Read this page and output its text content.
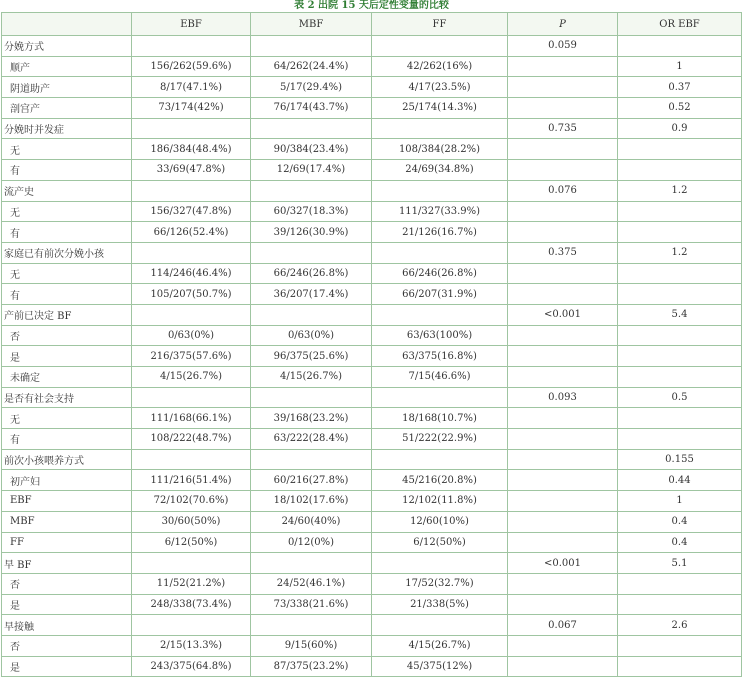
表 2 出院 15 天后定性变量的比较
	EBF	MBF	FF	P	OR EBF
分娩方式				0.059	
顺产	156/262(59.6%)	64/262(24.4%)	42/262(16%)		1
阴道助产	8/17(47.1%)	5/17(29.4%)	4/17(23.5%)		0.37
剖宫产	73/174(42%)	76/174(43.7%)	25/174(14.3%)		0.52
分娩时并发症				0.735	0.9
无	186/384(48.4%)	90/384(23.4%)	108/384(28.2%)		
有	33/69(47.8%)	12/69(17.4%)	24/69(34.8%)		
流产史				0.076	1.2
无	156/327(47.8%)	60/327(18.3%)	111/327(33.9%)		
有	66/126(52.4%)	39/126(30.9%)	21/126(16.7%)		
家庭已有前次分娩小孩				0.375	1.2
无	114/246(46.4%)	66/246(26.8%)	66/246(26.8%)		
有	105/207(50.7%)	36/207(17.4%)	66/207(31.9%)		
产前已决定 BF				<0.001	5.4
否	0/63(0%)	0/63(0%)	63/63(100%)		
是	216/375(57.6%)	96/375(25.6%)	63/375(16.8%)		
未确定	4/15(26.7%)	4/15(26.7%)	7/15(46.6%)		
是否有社会支持				0.093	0.5
无	111/168(66.1%)	39/168(23.2%)	18/168(10.7%)		
有	108/222(48.7%)	63/222(28.4%)	51/222(22.9%)		
前次小孩喂养方式					0.155
初产妇	111/216(51.4%)	60/216(27.8%)	45/216(20.8%)		0.44
EBF	72/102(70.6%)	18/102(17.6%)	12/102(11.8%)		1
MBF	30/60(50%)	24/60(40%)	12/60(10%)		0.4
FF	6/12(50%)	0/12(0%)	6/12(50%)		0.4
早 BF				<0.001	5.1
否	11/52(21.2%)	24/52(46.1%)	17/52(32.7%)		
是	248/338(73.4%)	73/338(21.6%)	21/338(5%)		
早接触				0.067	2.6
否	2/15(13.3%)	9/15(60%)	4/15(26.7%)		
是	243/375(64.8%)	87/375(23.2%)	45/375(12%)		
